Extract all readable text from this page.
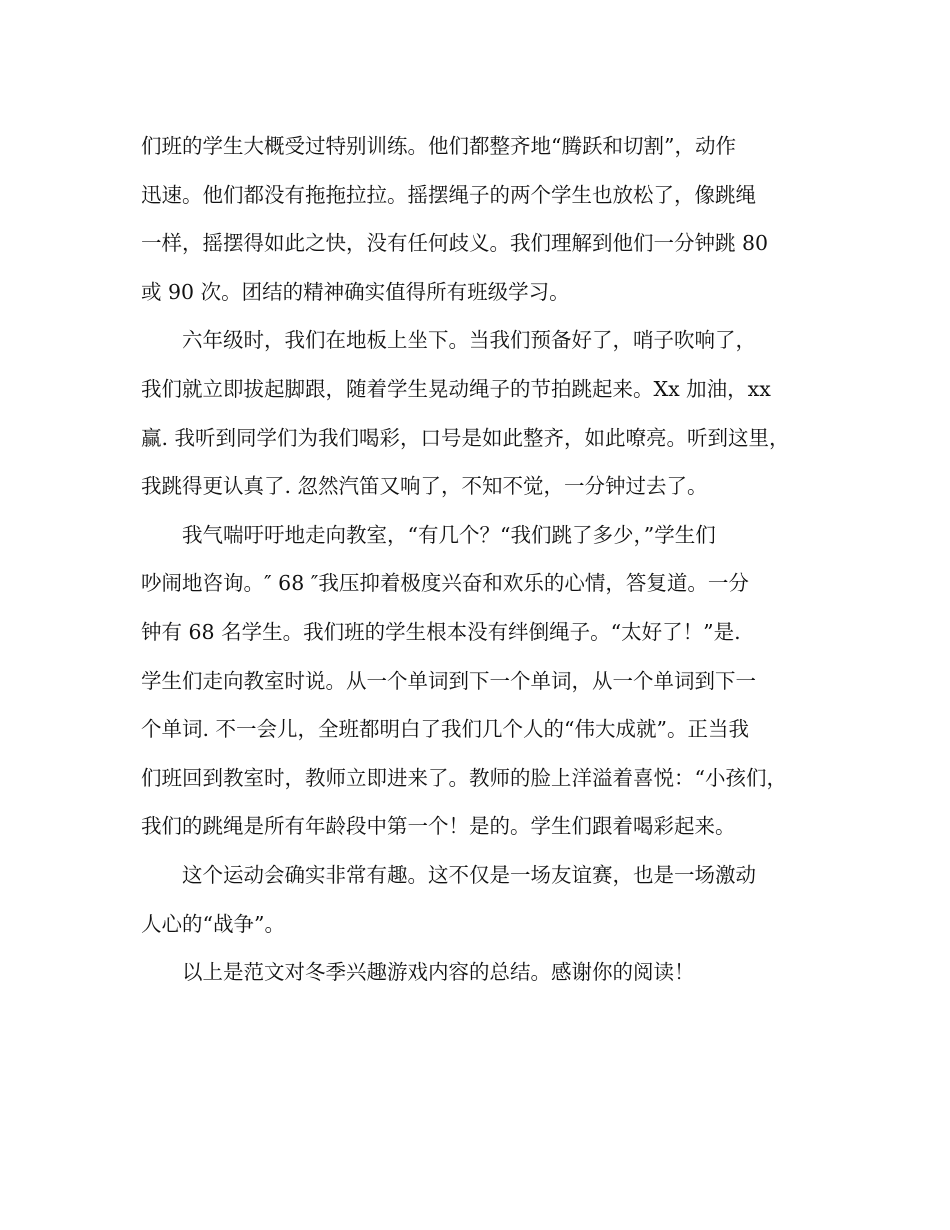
们班的学生大概受过特别训练。他们都整齐地“腾跃和切割”，动作
迅速。他们都没有拖拖拉拉。摇摆绳子的两个学生也放松了，像跳绳
一样，摇摆得如此之快，没有任何歧义。我们理解到他们一分钟跳 80
或 90 次。团结的精神确实值得所有班级学习。
六年级时，我们在地板上坐下。当我们预备好了，哨子吹响了，
我们就立即拔起脚跟，随着学生晃动绳子的节拍跳起来。Xx 加油，xx
赢. 我听到同学们为我们喝彩，口号是如此整齐，如此嘹亮。听到这里，
我跳得更认真了. 忽然汽笛又响了，不知不觉，一分钟过去了。
我气喘吁吁地走向教室，“有几个？“我们跳了多少，”学生们
吵闹地咨询。″ 68 ″我压抑着极度兴奋和欢乐的心情，答复道。一分
钟有 68 名学生。我们班的学生根本没有绊倒绳子。“太好了！”是.
学生们走向教室时说。从一个单词到下一个单词，从一个单词到下一
个单词. 不一会儿，全班都明白了我们几个人的“伟大成就”。正当我
们班回到教室时，教师立即进来了。教师的脸上洋溢着喜悦：“小孩们，
我们的跳绳是所有年龄段中第一个！是的。学生们跟着喝彩起来。
这个运动会确实非常有趣。这不仅是一场友谊赛，也是一场激动
人心的“战争”。
以上是范文对冬季兴趣游戏内容的总结。感谢你的阅读！
